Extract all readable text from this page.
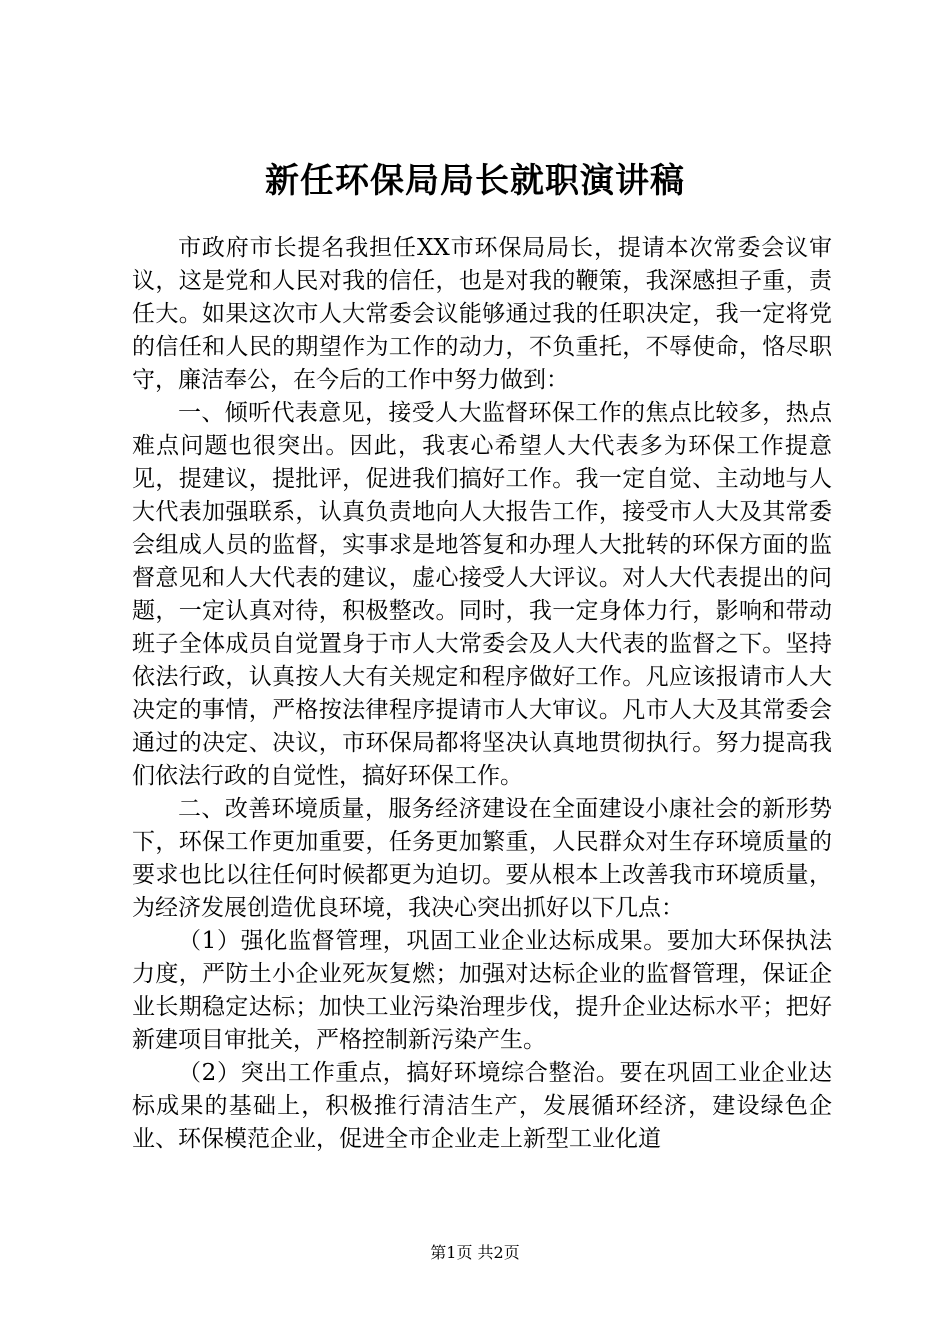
新任环保局局长就职演讲稿

市政府市长提名我担任XX市环保局局长，提请本次常委会议审议，这是党和人民对我的信任，也是对我的鞭策，我深感担子重，责任大。如果这次市人大常委会议能够通过我的任职决定，我一定将党的信任和人民的期望作为工作的动力，不负重托，不辱使命，恪尽职守，廉洁奉公，在今后的工作中努力做到：

一、倾听代表意见，接受人大监督环保工作的焦点比较多，热点难点问题也很突出。因此，我衷心希望人大代表多为环保工作提意见，提建议，提批评，促进我们搞好工作。我一定自觉、主动地与人大代表加强联系，认真负责地向人大报告工作，接受市人大及其常委会组成人员的监督，实事求是地答复和办理人大批转的环保方面的监督意见和人大代表的建议，虚心接受人大评议。对人大代表提出的问题，一定认真对待，积极整改。同时，我一定身体力行，影响和带动班子全体成员自觉置身于市人大常委会及人大代表的监督之下。坚持依法行政，认真按人大有关规定和程序做好工作。凡应该报请市人大决定的事情，严格按法律程序提请市人大审议。凡市人大及其常委会通过的决定、决议，市环保局都将坚决认真地贯彻执行。努力提高我们依法行政的自觉性，搞好环保工作。

二、改善环境质量，服务经济建设在全面建设小康社会的新形势下，环保工作更加重要，任务更加繁重，人民群众对生存环境质量的要求也比以往任何时候都更为迫切。要从根本上改善我市环境质量，为经济发展创造优良环境，我决心突出抓好以下几点：

（1）强化监督管理，巩固工业企业达标成果。要加大环保执法力度，严防土小企业死灰复燃；加强对达标企业的监督管理，保证企业长期稳定达标；加快工业污染治理步伐，提升企业达标水平；把好新建项目审批关，严格控制新污染产生。

（2）突出工作重点，搞好环境综合整治。要在巩固工业企业达标成果的基础上，积极推行清洁生产，发展循环经济，建设绿色企业、环保模范企业，促进全市企业走上新型工业化道

第1页 共2页
